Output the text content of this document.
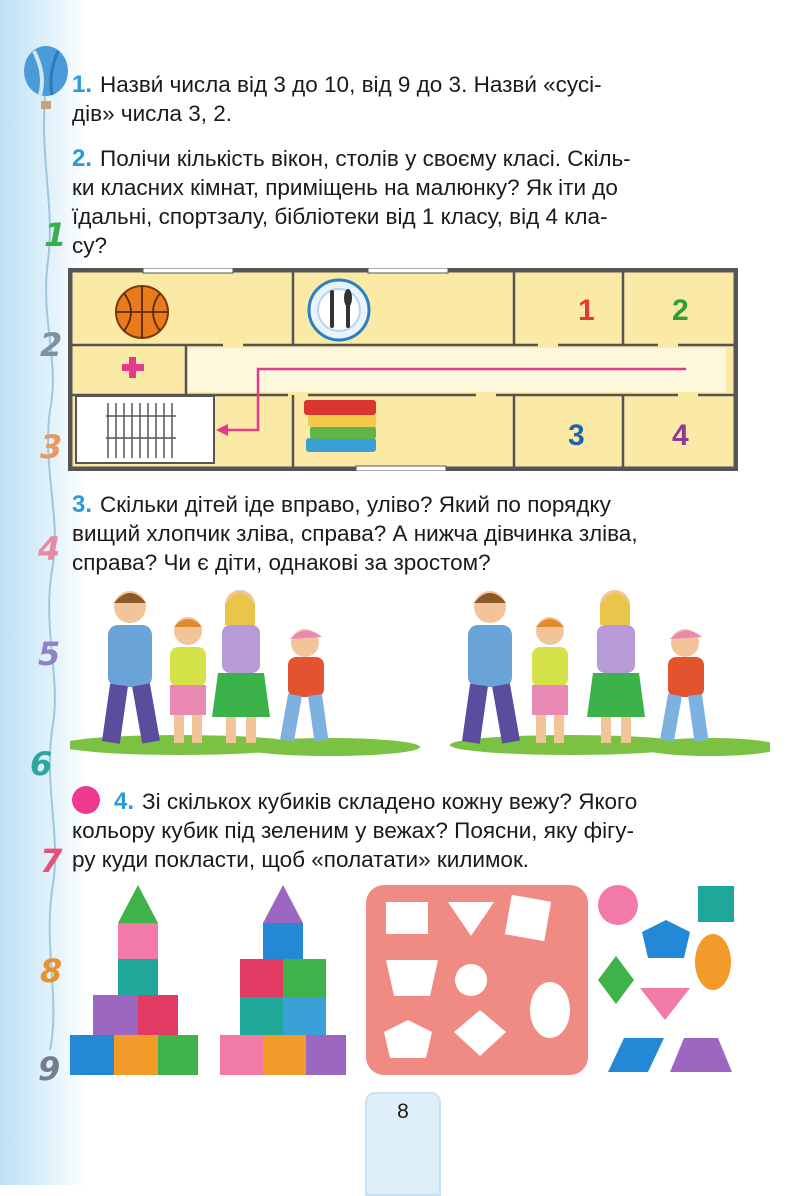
1
2
3
4
5
6
7
8
9
1. Назви́ числа від 3 до 10, від 9 до 3. Назви́ «сусі-
дів» числа 3, 2.
2. Полічи кількість вікон, столів у своєму класі. Скіль-
ки класних кімнат, приміщень на малюнку? Як іти до
їдальні, спортзалу, бібліотеки від 1 класу, від 4 кла-
су?
1	2
3	4
3. Скільки дітей іде вправо, уліво? Який по порядку
вищий хлопчик зліва, справа? А нижча дівчинка зліва,
справа? Чи є діти, однакові за зростом?
4. Зі скількох кубиків складено кожну вежу? Якого
кольору кубик під зеленим у вежах? Поясни, яку фігу-
ру куди покласти, щоб «полатати» килимок.
8
